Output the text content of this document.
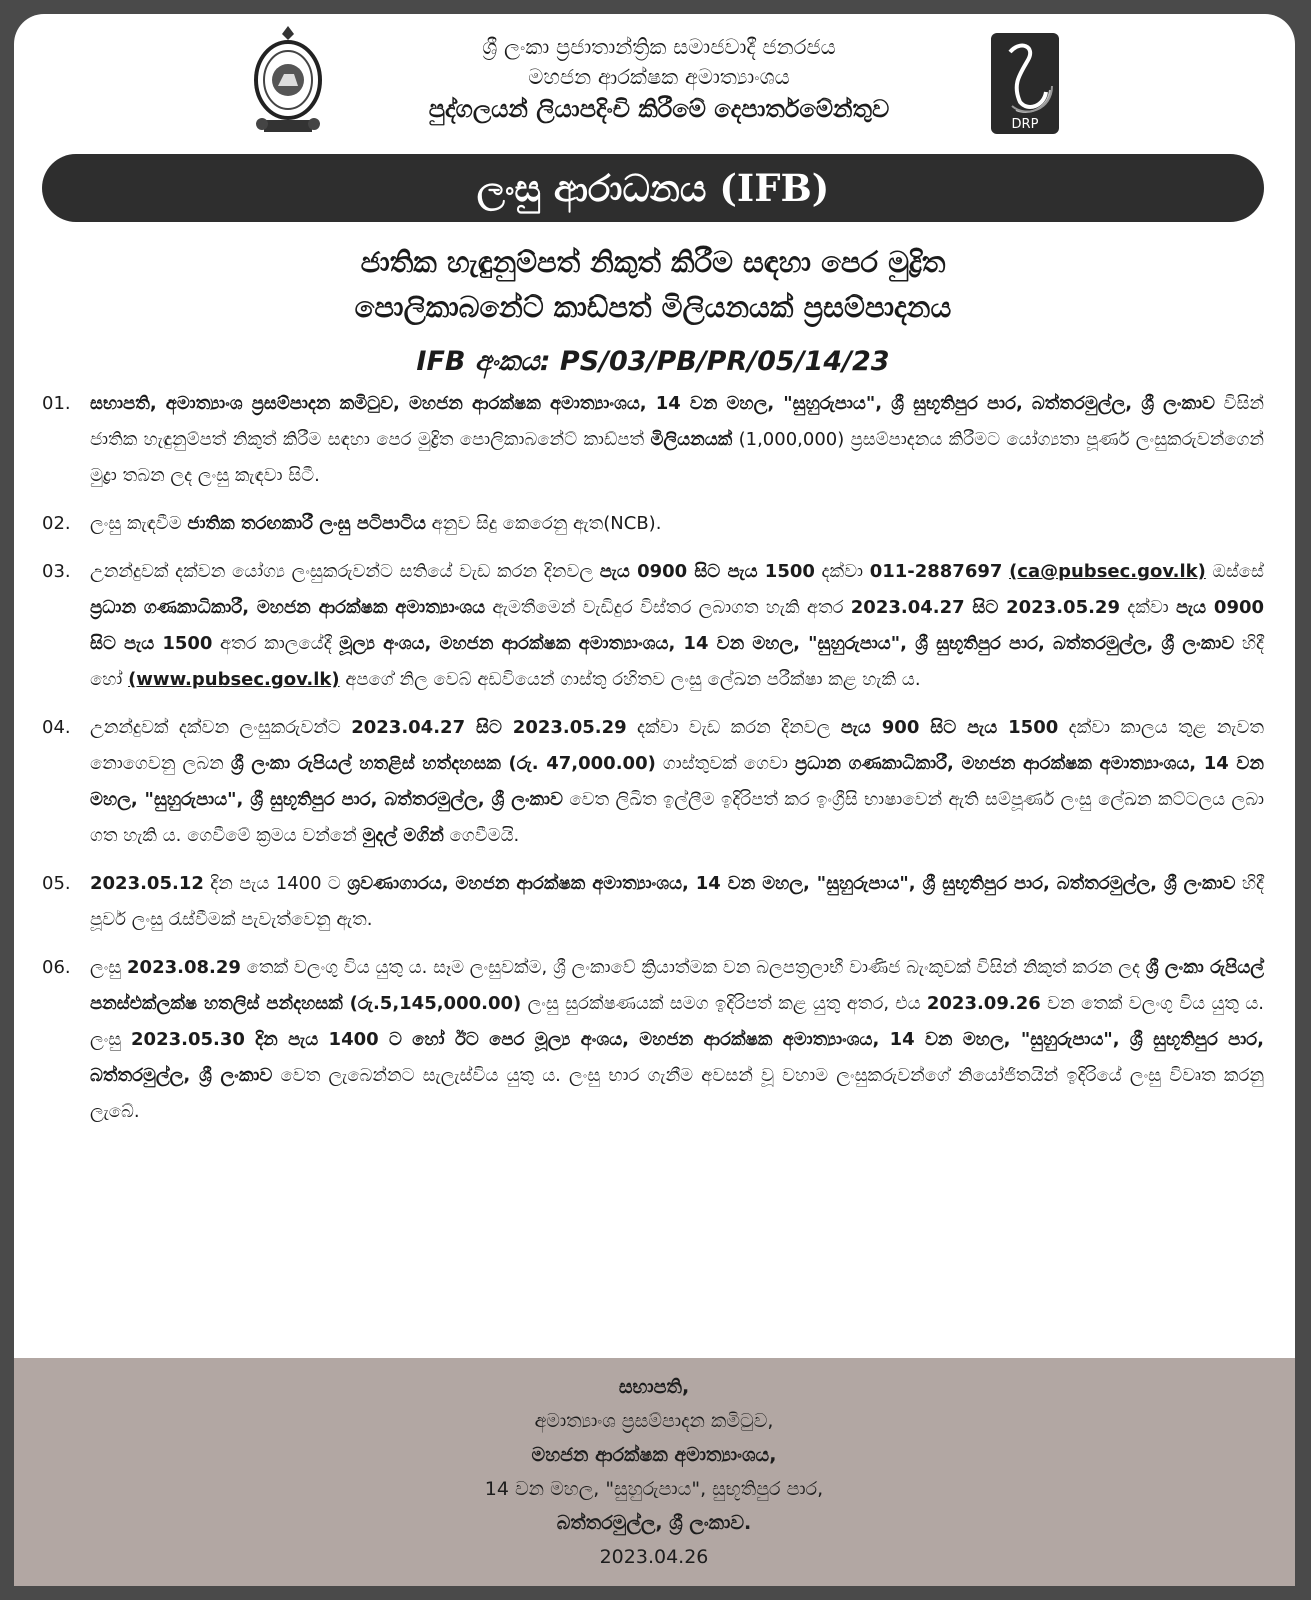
ශ්‍රී ලංකා ප්‍රජාතාන්ත්‍රික සමාජවාදී ජනරජය
මහජන ආරක්ෂක අමාත්‍යාංශය
පුද්ගලයන් ලියාපදිංචි කිරීමේ දෙපාර්තමේන්තුව
DRP
ලංසු ආරාධනය (IFB)
ජාතික හැඳුනුම්පත් නිකුත් කිරීම සඳහා පෙර මුද්‍රිත
පොලිකාබනේට් කාඩ්පත් මිලියනයක් ප්‍රසම්පාදනය
IFB අංකය: PS/03/PB/PR/05/14/23
01. සභාපති, අමාත්‍යාංශ ප්‍රසම්පාදන කමිටුව, මහජන ආරක්ෂක අමාත්‍යාංශය, 14 වන මහල, "සුහුරුපාය", ශ්‍රී සුභූතිපුර පාර, බත්තරමුල්ල, ශ්‍රී ලංකාව විසින් ජාතික හැඳුනුම්පත් නිකුත් කිරීම සඳහා පෙර මුද්‍රිත පොලිකාබනේට් කාඩ්පත් මිලියනයක් (1,000,000) ප්‍රසම්පාදනය කිරීමට යෝග්‍යතා පූර්ණ ලංසුකරුවන්ගෙන් මුද්‍රා තබන ලද ලංසු කැඳවා සිටී.
02. ලංසු කැඳවීම ජාතික තරඟකාරී ලංසු පටිපාටිය අනුව සිදු කෙරෙනු ඇත(NCB).
03. උනන්දුවක් දක්වන යෝග්‍ය ලංසුකරුවන්ට සතියේ වැඩ කරන දිනවල පැය 0900 සිට පැය 1500 දක්වා 011-2887697 (ca@pubsec.gov.lk) ඔස්සේ ප්‍රධාන ගණකාධිකාරී, මහජන ආරක්ෂක අමාත්‍යාංශය ඇමතීමෙන් වැඩිදුර විස්තර ලබාගත හැකි අතර 2023.04.27 සිට 2023.05.29 දක්වා පැය 0900 සිට පැය 1500 අතර කාලයේදී මූල්‍ය අංශය, මහජන ආරක්ෂක අමාත්‍යාංශය, 14 වන මහල, "සුහුරුපාය", ශ්‍රී සුභූතිපුර පාර, බත්තරමුල්ල, ශ්‍රී ලංකාව හිදී හෝ (www.pubsec.gov.lk) අපගේ නිල වෙබ් අඩවියෙන් ගාස්තු රහිතව ලංසු ලේඛන පරීක්ෂා කළ හැකි ය.
04. උනන්දුවක් දක්වන ලංසුකරුවන්ට 2023.04.27 සිට 2023.05.29 දක්වා වැඩ කරන දිනවල පැය 900 සිට පැය 1500 දක්වා කාලය තුළ නැවත නොගෙවනු ලබන ශ්‍රී ලංකා රුපියල් හතළිස් හත්දහසක (රු. 47,000.00) ගාස්තුවක් ගෙවා ප්‍රධාන ගණකාධිකාරී, මහජන ආරක්ෂක අමාත්‍යාංශය, 14 වන මහල, "සුහුරුපාය", ශ්‍රී සුභූතිපුර පාර, බත්තරමුල්ල, ශ්‍රී ලංකාව වෙත ලිඛිත ඉල්ලීම ඉදිරිපත් කර ඉංග්‍රීසි භාෂාවෙන් ඇති සම්පූර්ණ ලංසු ලේඛන කට්ටලය ලබා ගත හැකි ය. ගෙවීමේ ක්‍රමය වන්නේ මුදල් මගින් ගෙවීමයි.
05. 2023.05.12 දින පැය 1400 ට ශ්‍රවණාගාරය, මහජන ආරක්ෂක අමාත්‍යාංශය, 14 වන මහල, "සුහුරුපාය", ශ්‍රී සුභූතිපුර පාර, බත්තරමුල්ල, ශ්‍රී ලංකාව හිදී පූර්ව ලංසු රැස්වීමක් පැවැත්වෙනු ඇත.
06. ලංසු 2023.08.29 තෙක් වලංගු විය යුතු ය. සෑම ලංසුවක්ම, ශ්‍රී ලංකාවේ ක්‍රියාත්මක වන බලපත්‍රලාභී වාණිජ බැංකුවක් විසින් නිකුත් කරන ලද ශ්‍රී ලංකා රුපියල් පනස්එක්ලක්ෂ හතලිස් පන්දහසක් (රු.5,145,000.00) ලංසු සුරක්ෂණයක් සමග ඉදිරිපත් කළ යුතු අතර, එය 2023.09.26 වන තෙක් වලංගු විය යුතු ය. ලංසු 2023.05.30 දින පැය 1400 ට හෝ ඊට පෙර මූල්‍ය අංශය, මහජන ආරක්ෂක අමාත්‍යාංශය, 14 වන මහල, "සුහුරුපාය", ශ්‍රී සුභූතිපුර පාර, බත්තරමුල්ල, ශ්‍රී ලංකාව වෙත ලැබෙන්නට සැලැස්විය යුතු ය. ලංසු භාර ගැනීම අවසන් වූ වහාම ලංසුකරුවන්ගේ නියෝජිතයින් ඉදිරියේ ලංසු විවෘත කරනු ලැබේ.
සභාපති,
අමාත්‍යාංශ ප්‍රසම්පාදන කමිටුව,
මහජන ආරක්ෂක අමාත්‍යාංශය,
14 වන මහල, "සුහුරුපාය", සුභූතිපුර පාර,
බත්තරමුල්ල, ශ්‍රී ලංකාව.
2023.04.26
